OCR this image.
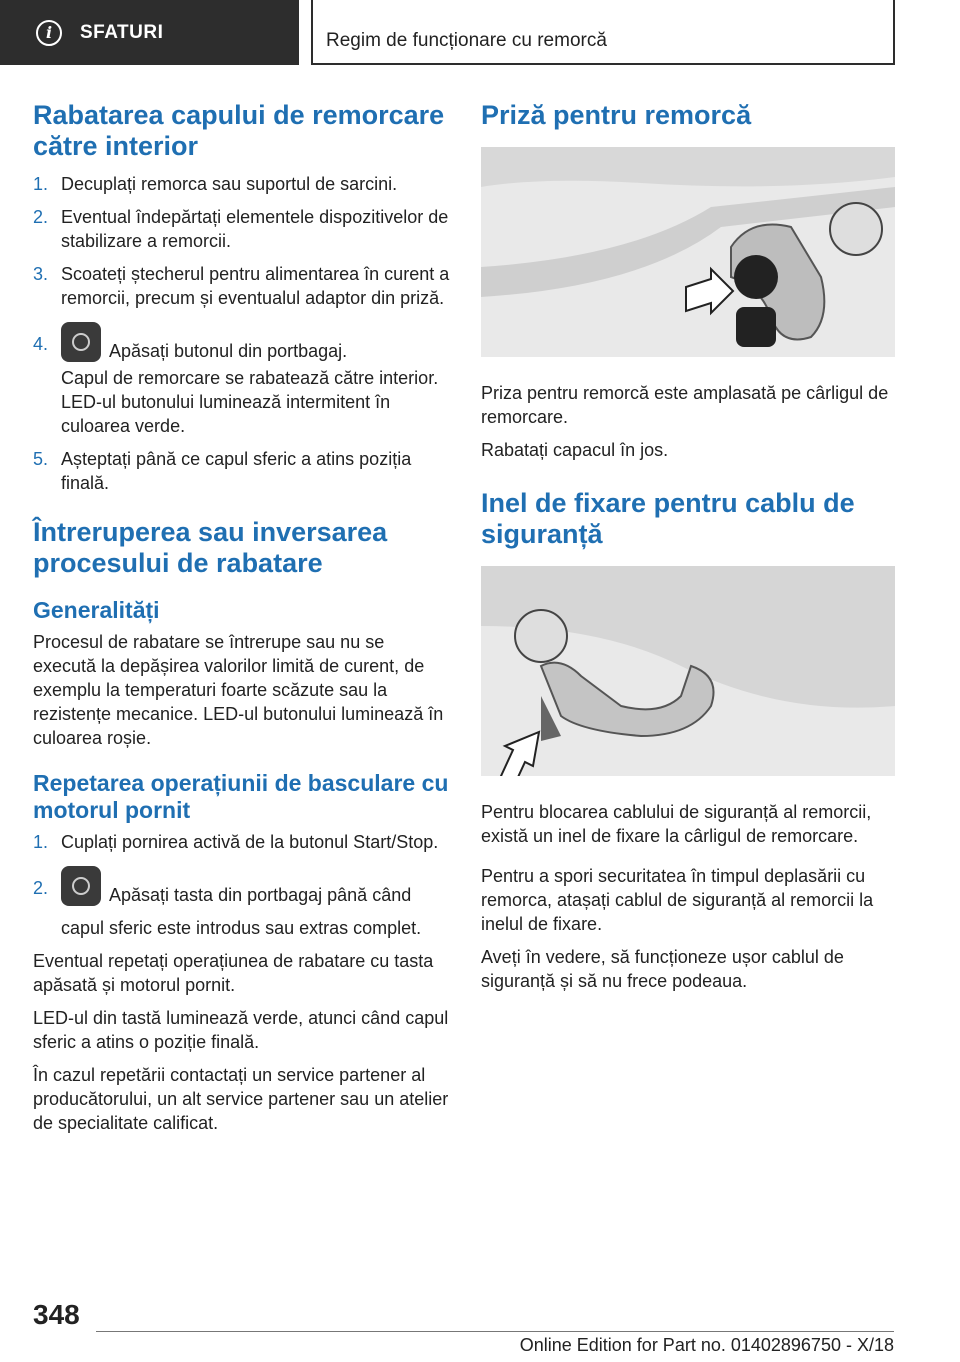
i	SFATURI	Regim de funcționare cu remorcă
Rabatarea capului de remorcare către interior
1. Decuplați remorca sau suportul de sarcini.
2. Eventual îndepărtați elementele dispozitivelor de stabilizare a remorcii.
3. Scoateți ștecherul pentru alimentarea în curent a remorcii, precum și eventualul adaptor din priză.
4.	Apăsați butonul din portbagaj.
Capul de remorcare se rabatează către interior. LED-ul butonului luminează intermitent în culoarea verde.
5. Așteptați până ce capul sferic a atins poziția finală.
Întreruperea sau inversarea procesului de rabatare
Generalități

Procesul de rabatare se întrerupe sau nu se execută la depășirea valorilor limită de curent, de exemplu la temperaturi foarte scăzute sau la rezistențe mecanice. LED-ul butonului luminează în culoarea roșie.

Repetarea operațiunii de basculare cu motorul pornit
1. Cuplați pornirea activă de la butonul Start/Stop.
2.	Apăsați tasta din portbagaj până când capul sferic este introdus sau extras complet.

Eventual repetați operațiunea de rabatare cu tasta apăsată și motorul pornit.

LED-ul din tastă luminează verde, atunci când capul sferic a atins o poziție finală.

În cazul repetării contactați un service partener al producătorului, un alt service partener sau un atelier de specialitate calificat.

Priză pentru remorcă

Priza pentru remorcă este amplasată pe cârligul de remorcare.

Rabatați capacul în jos.

Inel de fixare pentru cablu de siguranță

Pentru blocarea cablului de siguranță al remorcii, există un inel de fixare la cârligul de remorcare.

Pentru a spori securitatea în timpul deplasării cu remorca, atașați cablul de siguranță al remorcii la inelul de fixare.

Aveți în vedere, să funcționeze ușor cablul de siguranță și să nu frece podeaua.

348
Online Edition for Part no. 01402896750 - X/18
